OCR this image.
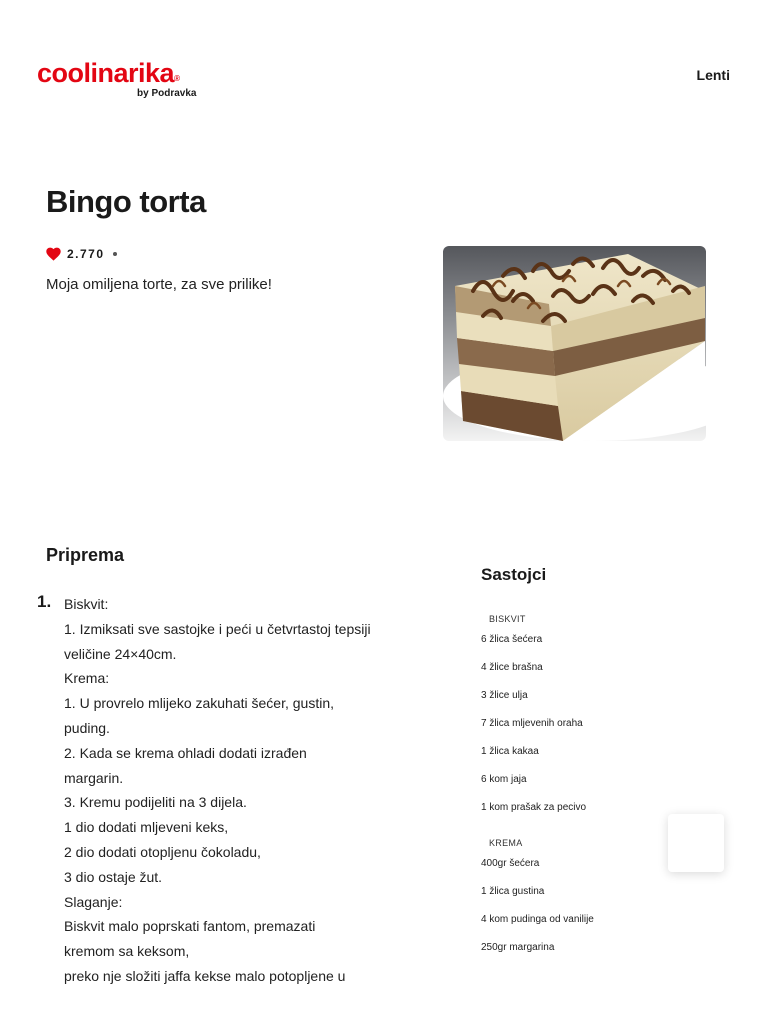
coolinarika®
by Podravka
Lenti
Bingo torta
2.770

Moja omiljena torte, za sve prilike!

Priprema
1. Biskvit:
1. Izmiksati sve sastojke i peći u četvrtastoj tepsiji
veličine 24×40cm.
Krema:
1. U provrelo mlijeko zakuhati šećer, gustin,
puding.
2. Kada se krema ohladi dodati izrađen
margarin.
3. Kremu podijeliti na 3 dijela.
1 dio dodati mljeveni keks,
2 dio dodati otopljenu čokoladu,
3 dio ostaje žut.
Slaganje:
Biskvit malo poprskati fantom, premazati
kremom sa keksom,
preko nje složiti jaffa kekse malo potopljene u
Sastojci
BISKVIT
6 žlica šećera
4 žlice brašna
3 žlice ulja
7 žlica mljevenih oraha
1 žlica kakaa
6 kom jaja
1 kom prašak za pecivo
KREMA
400gr šećera
1 žlica gustina
4 kom pudinga od vanilije
250gr margarina
